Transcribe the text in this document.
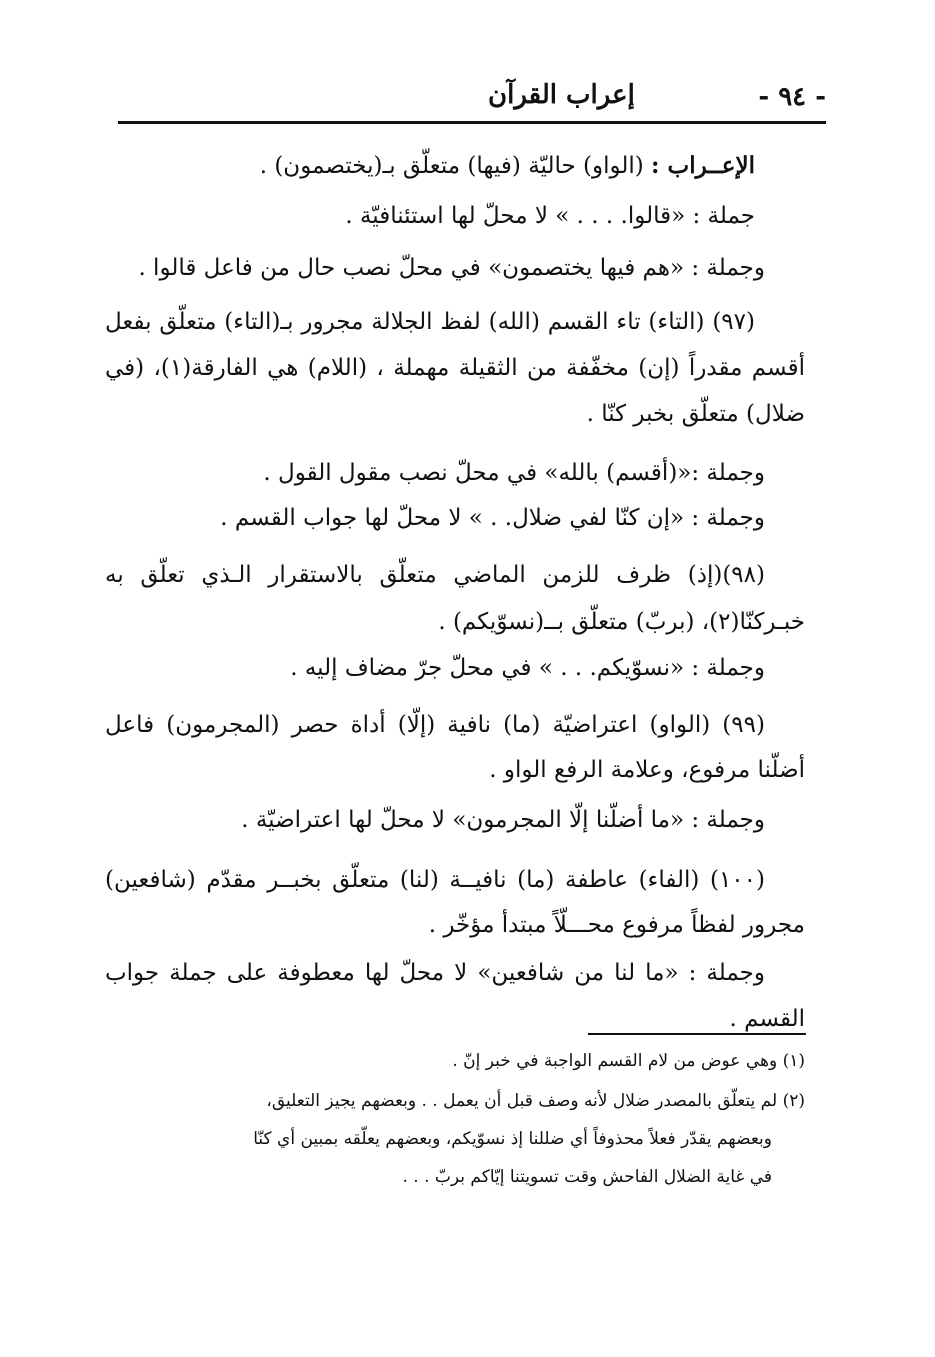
- ٩٤ -
إعراب القرآن
الإعــراب : (الواو) حاليّة (فيها) متعلّق بـ(يختصمون) .
جملة : «قالوا. . . . » لا محلّ لها استئنافيّة .
وجملة : «هم فيها يختصمون» في محلّ نصب حال من فاعل قالوا .
(٩٧) (التاء) تاء القسم (الله) لفظ الجلالة مجرور بـ(التاء) متعلّق بفعل
أقسم مقدراً (إن) مخفّفة من الثقيلة مهملة ، (اللام) هي الفارقة(١)، (في
ضلال) متعلّق بخبر كنّا .
وجملة :«(أقسم) بالله» في محلّ نصب مقول القول .
وجملة : «إن كنّا لفي ضلال. . » لا محلّ لها جواب القسم .
(٩٨)(إذ) ظرف للزمن الماضي متعلّق بالاستقرار الـذي تعلّق به
خبـركنّا(٢)، (بربّ) متعلّق بــ(نسوّيكم) .
وجملة : «نسوّيكم. . . » في محلّ جرّ مضاف إليه .
(٩٩) (الواو) اعتراضيّة (ما) نافية (إلّا) أداة حصر (المجرمون) فاعل
أضلّنا مرفوع، وعلامة الرفع الواو .
وجملة : «ما أضلّنا إلّا المجرمون» لا محلّ لها اعتراضيّة .
(١٠٠) (الفاء) عاطفة (ما) نافيــة (لنا) متعلّق بخبــر مقدّم (شافعين)
مجرور لفظاً مرفوع محـــلّاً مبتدأ مؤخّر .
وجملة : «ما لنا من شافعين» لا محلّ لها معطوفة على جملة جواب
القسم .
(١) وهي عوض من لام القسم الواجبة في خبر إنّ .
(٢) لم يتعلّق بالمصدر ضلال لأنه وصف قبل أن يعمل . . وبعضهم يجيز التعليق،
وبعضهم يقدّر فعلاً محذوفاً أي ضللنا إذ نسوّيكم، وبعضهم يعلّقه بمبين أي كنّا
في غاية الضلال الفاحش وقت تسويتنا إيّاكم بربّ . . .
